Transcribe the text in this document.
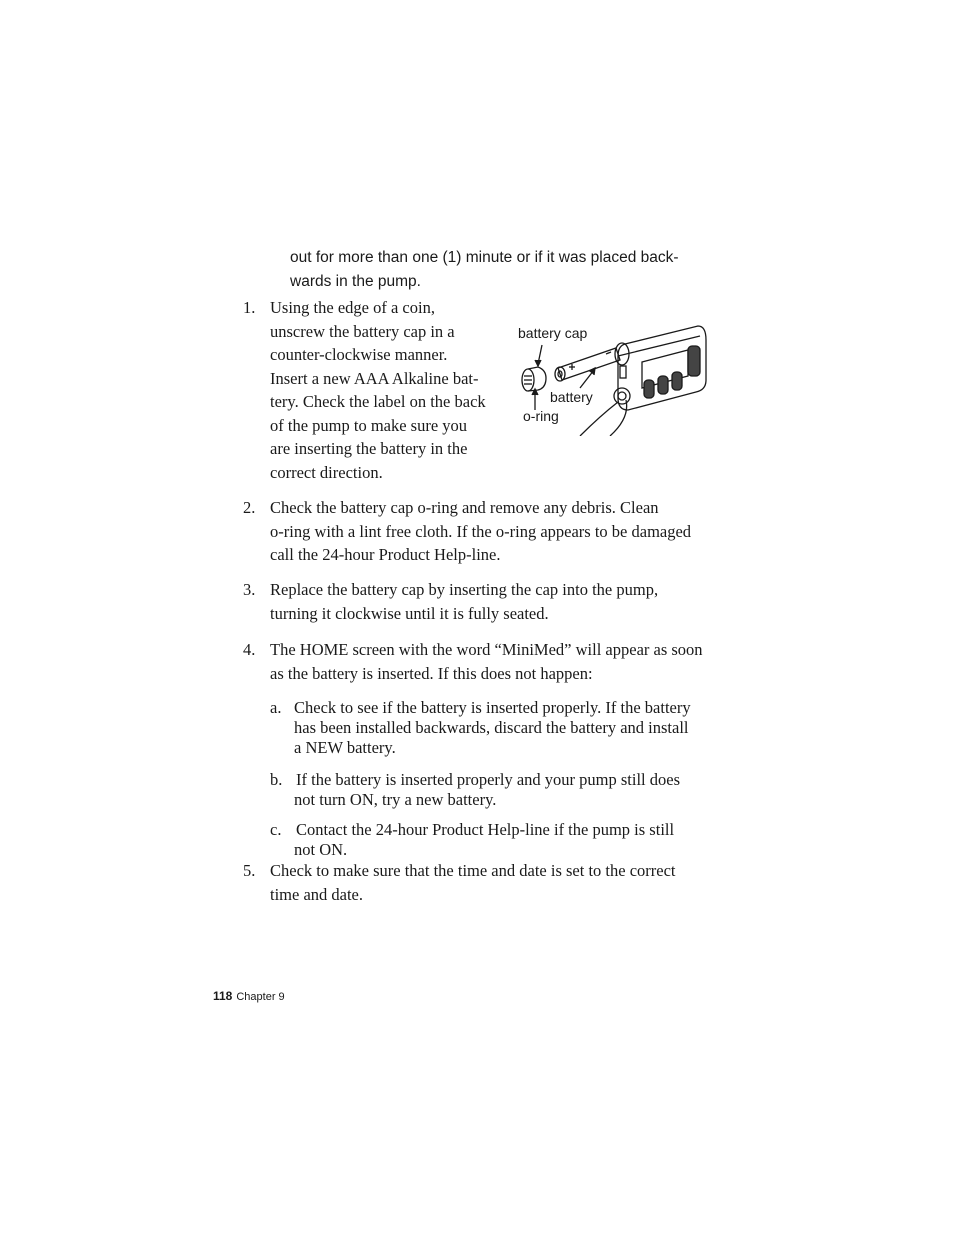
out for more than one (1) minute or if it was placed back-
wards in the pump.
1. Using the edge of a coin,
unscrew the battery cap in a
counter-clockwise manner.
Insert a new AAA Alkaline bat-
tery. Check the label on the back
of the pump to make sure you
are inserting the battery in the
correct direction.
battery cap
battery
o-ring
2. Check the battery cap o-ring and remove any debris. Clean
o-ring with a lint free cloth. If the o-ring appears to be damaged
call the 24-hour Product Help-line.
3. Replace the battery cap by inserting the cap into the pump,
turning it clockwise until it is fully seated.
4. The HOME screen with the word “MiniMed” will appear as soon
as the battery is inserted. If this does not happen:
a. Check to see if the battery is inserted properly. If the battery
has been installed backwards, discard the battery and install
a NEW battery.
b. If the battery is inserted properly and your pump still does
not turn ON, try a new battery.
c. Contact the 24-hour Product Help-line if the pump is still
not ON.
5. Check to make sure that the time and date is set to the correct
time and date.
118 Chapter 9
